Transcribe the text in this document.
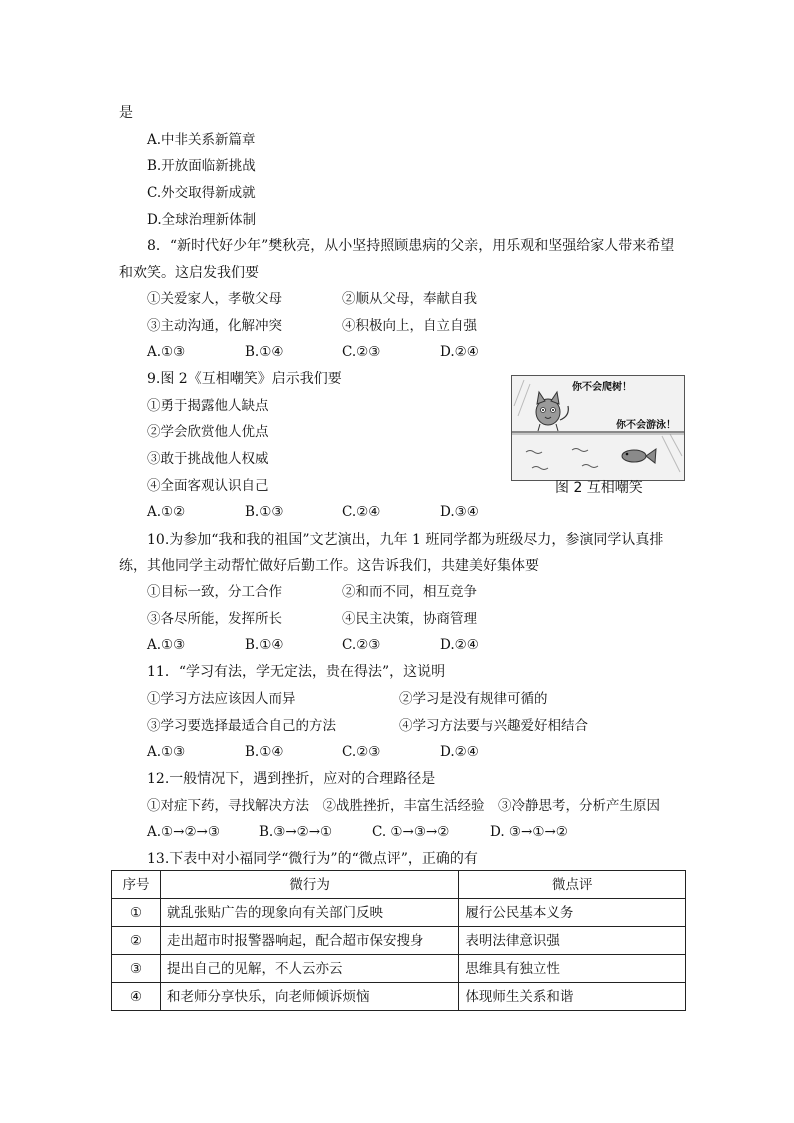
是
A.中非关系新篇章
B.开放面临新挑战
C.外交取得新成就
D.全球治理新体制
8．“新时代好少年”樊秋亮，从小坚持照顾患病的父亲，用乐观和坚强给家人带来希望
和欢笑。这启发我们要
①关爱家人，孝敬父母	②顺从父母，奉献自我
③主动沟通，化解冲突	④积极向上，自立自强
A.①③	B.①④	C.②③	D.②④
9.图 2《互相嘲笑》启示我们要
①勇于揭露他人缺点
②学会欣赏他人优点
③敢于挑战他人权威
④全面客观认识自己
A.①②	B.①③	C.②④	D.③④
你不会爬树！
你不会游泳！
图 2 互相嘲笑
10.为参加“我和我的祖国”文艺演出，九年 1 班同学都为班级尽力，参演同学认真排
练，其他同学主动帮忙做好后勤工作。这告诉我们，共建美好集体要
①目标一致，分工合作	②和而不同，相互竞争
③各尽所能，发挥所长	④民主决策，协商管理
A.①③	B.①④	C.②③	D.②④
11．“学习有法，学无定法，贵在得法”，这说明
①学习方法应该因人而异	②学习是没有规律可循的
③学习要选择最适合自己的方法	④学习方法要与兴趣爱好相结合
A.①③	B.①④	C.②③	D.②④
12.一般情况下，遇到挫折，应对的合理路径是
①对症下药，寻找解决方法　②战胜挫折，丰富生活经验　③冷静思考，分析产生原因
A.①→②→③	B.③→②→①	C. ①→③→②	D. ③→①→②
13.下表中对小福同学“微行为”的“微点评”，正确的有
序号	微行为	微点评
①	就乱张贴广告的现象向有关部门反映	履行公民基本义务
②	走出超市时报警器响起，配合超市保安搜身	表明法律意识强
③	提出自己的见解，不人云亦云	思维具有独立性
④	和老师分享快乐，向老师倾诉烦恼	体现师生关系和谐
